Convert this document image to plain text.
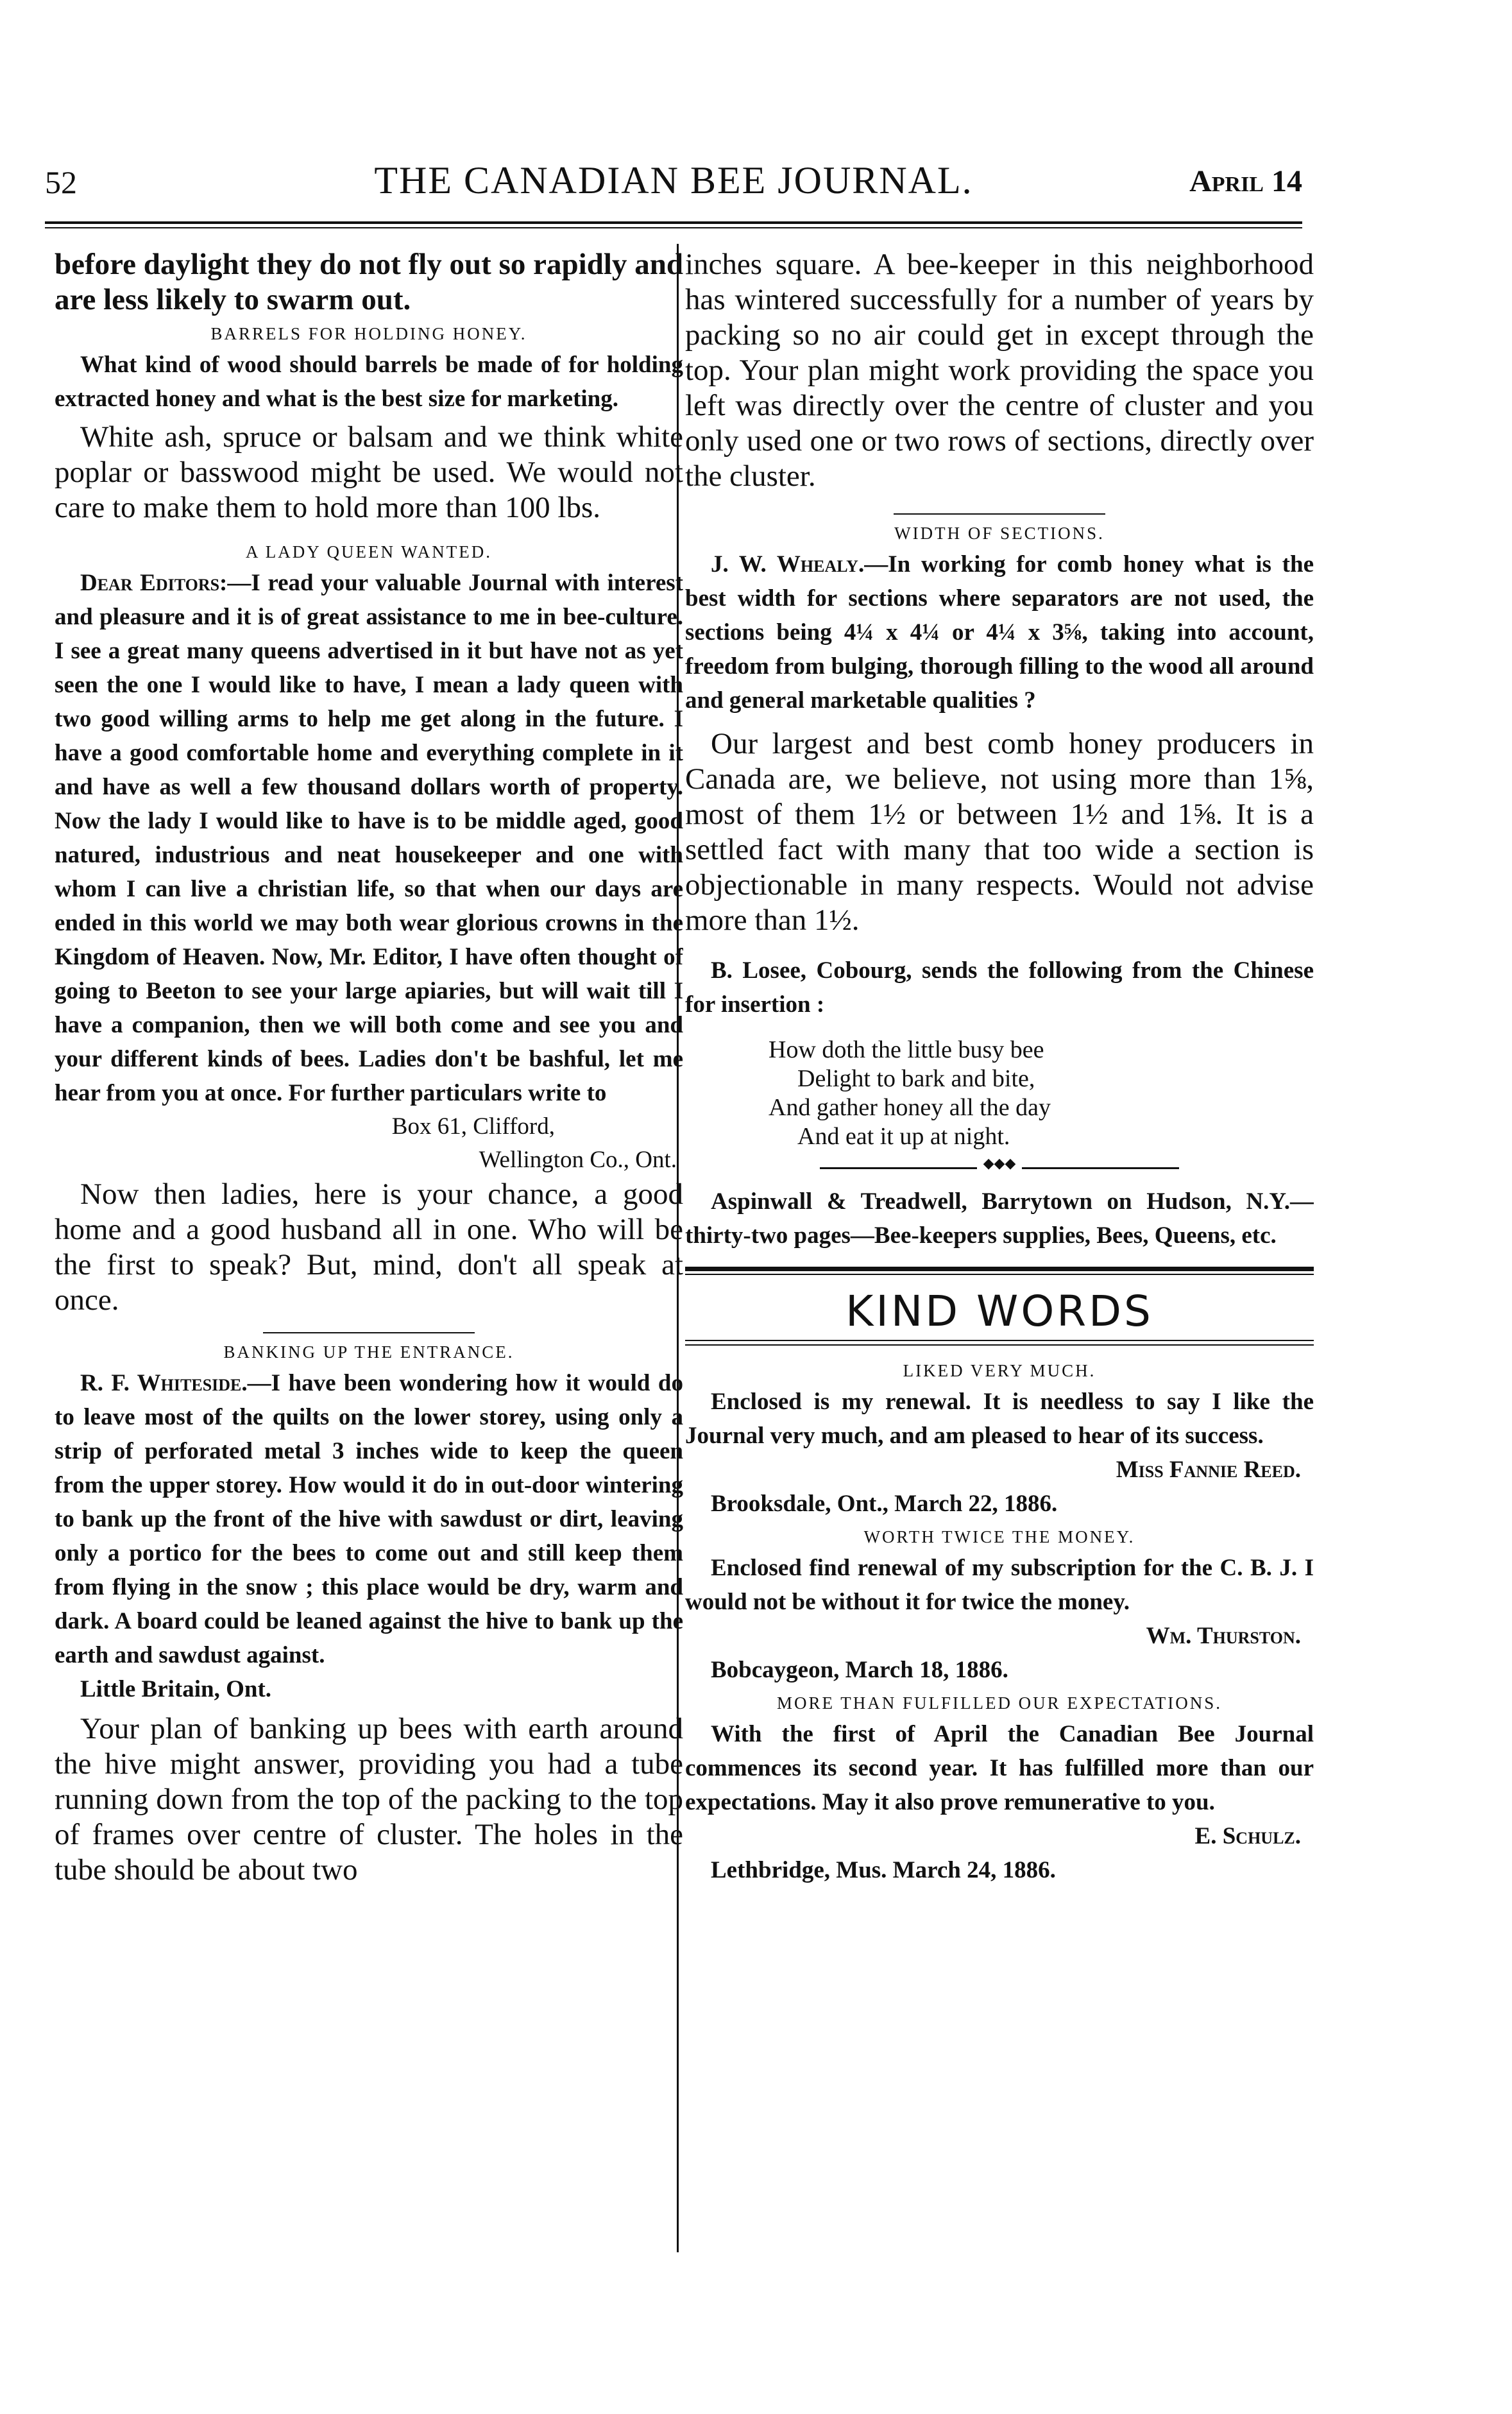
52	THE CANADIAN BEE JOURNAL.	April 14

before daylight they do not fly out so rapidly and are less likely to swarm out.

BARRELS FOR HOLDING HONEY.

What kind of wood should barrels be made of for holding extracted honey and what is the best size for marketing.

White ash, spruce or balsam and we think white poplar or basswood might be used. We would not care to make them to hold more than 100 lbs.

A LADY QUEEN WANTED.

Dear Editors:—I read your valuable Journal with interest and pleasure and it is of great assistance to me in bee-culture. I see a great many queens advertised in it but have not as yet seen the one I would like to have, I mean a lady queen with two good willing arms to help me get along in the future. I have a good comfortable home and everything complete in it and have as well a few thousand dollars worth of property. Now the lady I would like to have is to be middle aged, good natured, industrious and neat housekeeper and one with whom I can live a christian life, so that when our days are ended in this world we may both wear glorious crowns in the Kingdom of Heaven. Now, Mr. Editor, I have often thought of going to Beeton to see your large apiaries, but will wait till I have a companion, then we will both come and see you and your different kinds of bees. Ladies don't be bashful, let me hear from you at once. For further particulars write to

Box 61, Clifford,

Wellington Co., Ont.

Now then ladies, here is your chance, a good home and a good husband all in one. Who will be the first to speak? But, mind, don't all speak at once.

BANKING UP THE ENTRANCE.

R. F. Whiteside.—I have been wondering how it would do to leave most of the quilts on the lower storey, using only a strip of perforated metal 3 inches wide to keep the queen from the upper storey. How would it do in out-door wintering to bank up the front of the hive with sawdust or dirt, leaving only a portico for the bees to come out and still keep them from flying in the snow ; this place would be dry, warm and dark. A board could be leaned against the hive to bank up the earth and sawdust against.

Little Britain, Ont.

Your plan of banking up bees with earth around the hive might answer, providing you had a tube running down from the top of the packing to the top of frames over centre of cluster. The holes in the tube should be about two

inches square. A bee-keeper in this neighborhood has wintered successfully for a number of years by packing so no air could get in except through the top. Your plan might work providing the space you left was directly over the centre of cluster and you only used one or two rows of sections, directly over the cluster.

WIDTH OF SECTIONS.

J. W. Whealy.—In working for comb honey what is the best width for sections where separators are not used, the sections being 4¼ x 4¼ or 4¼ x 3⅝, taking into account, freedom from bulging, thorough filling to the wood all around and general marketable qualities ?

Our largest and best comb honey producers in Canada are, we believe, not using more than 1⅝, most of them 1½ or between 1½ and 1⅝. It is a settled fact with many that too wide a section is objectionable in many respects. Would not advise more than 1½.

B. Losee, Cobourg, sends the following from the Chinese for insertion :

How doth the little busy bee
Delight to bark and bite,
And gather honey all the day
And eat it up at night.
◆◆◆

Aspinwall & Treadwell, Barrytown on Hudson, N.Y.—thirty-two pages—Bee-keepers supplies, Bees, Queens, etc.

KIND WORDS
LIKED VERY MUCH.

Enclosed is my renewal. It is needless to say I like the Journal very much, and am pleased to hear of its success.

Miss Fannie Reed.

Brooksdale, Ont., March 22, 1886.

WORTH TWICE THE MONEY.

Enclosed find renewal of my subscription for the C. B. J. I would not be without it for twice the money.

Wm. Thurston.

Bobcaygeon, March 18, 1886.

MORE THAN FULFILLED OUR EXPECTATIONS.

With the first of April the Canadian Bee Journal commences its second year. It has fulfilled more than our expectations. May it also prove remunerative to you.

E. Schulz.

Lethbridge, Mus. March 24, 1886.
